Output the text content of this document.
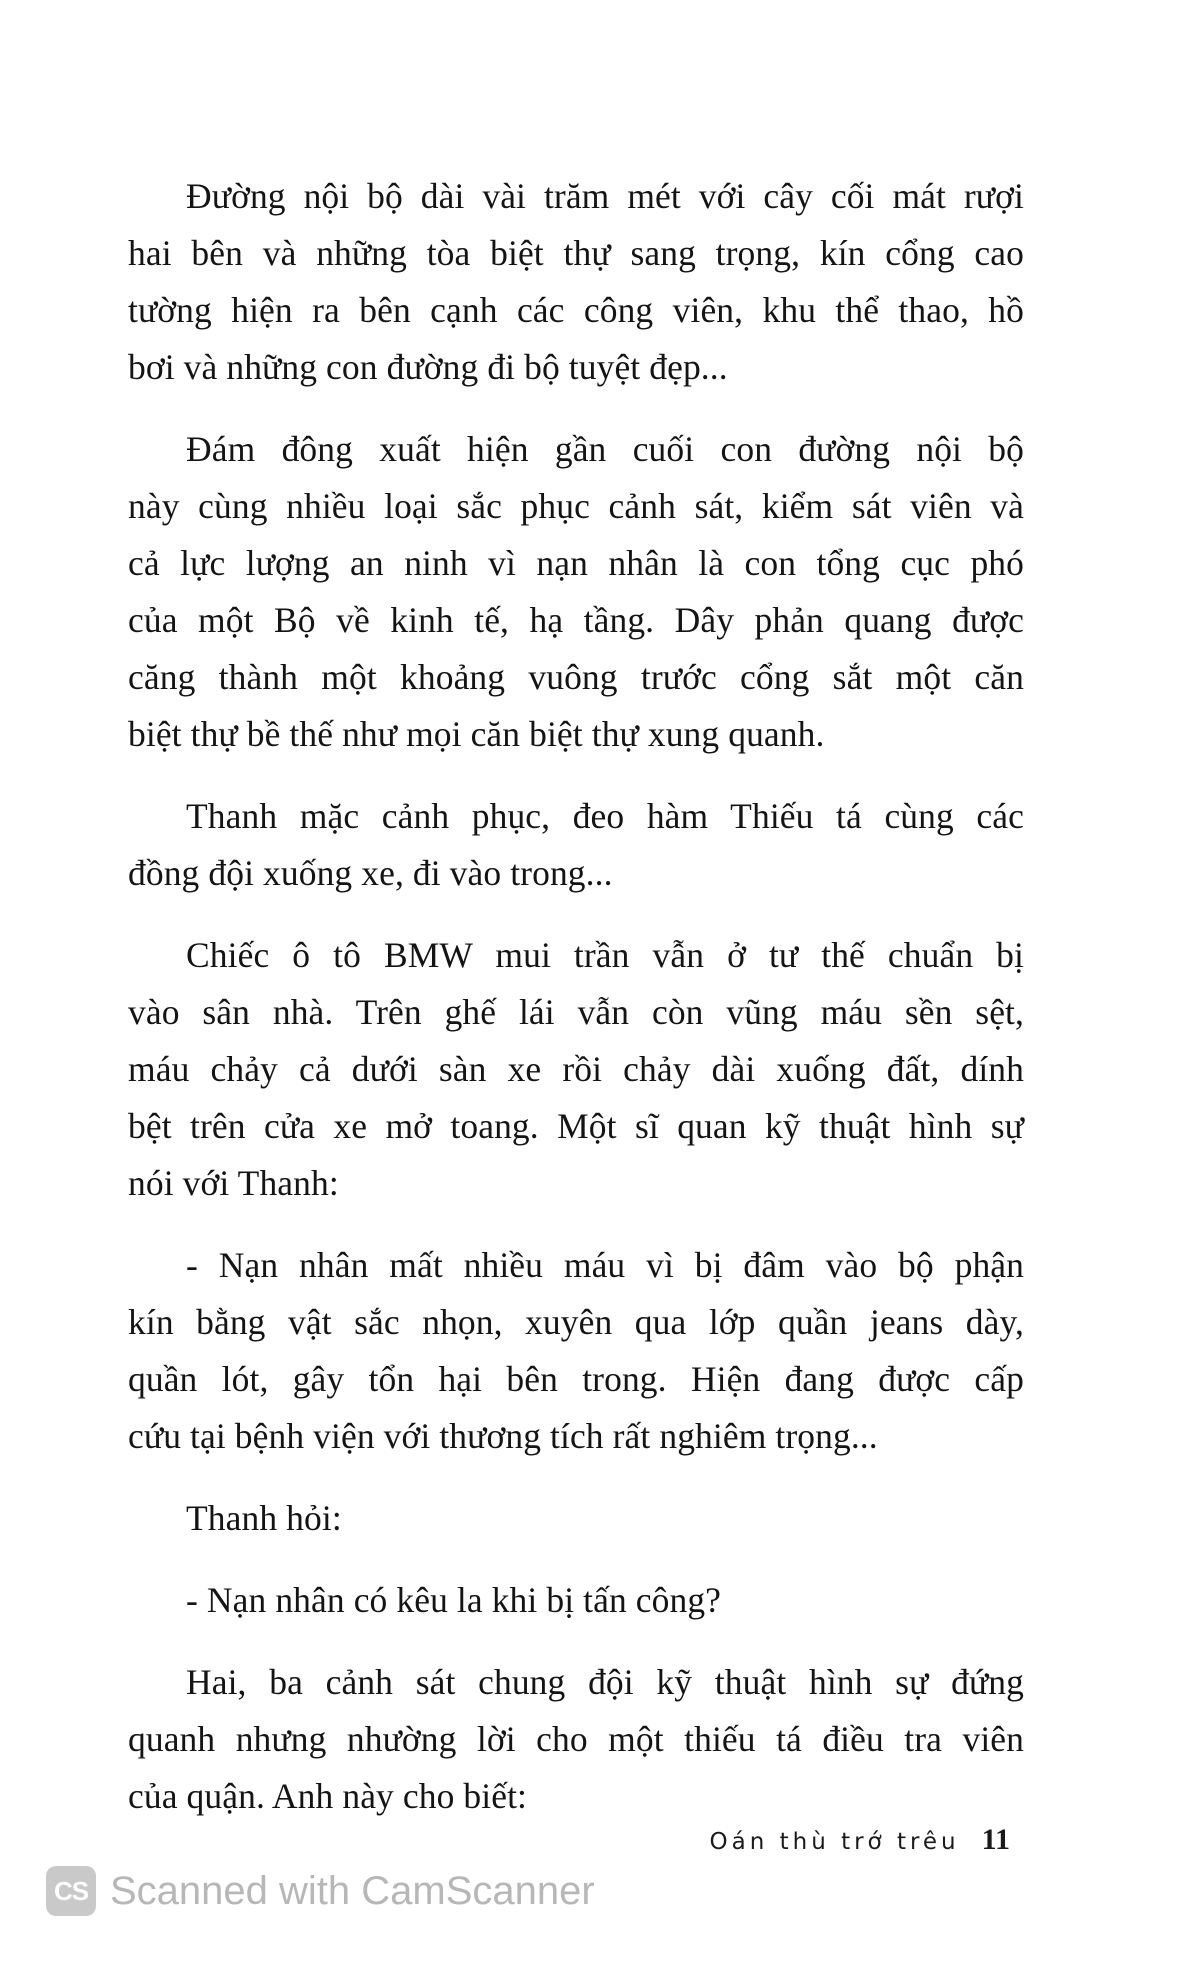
Đường nội bộ dài vài trăm mét với cây cối mát rượi
hai bên và những tòa biệt thự sang trọng, kín cổng cao
tường hiện ra bên cạnh các công viên, khu thể thao, hồ
bơi và những con đường đi bộ tuyệt đẹp...

Đám đông xuất hiện gần cuối con đường nội bộ
này cùng nhiều loại sắc phục cảnh sát, kiểm sát viên và
cả lực lượng an ninh vì nạn nhân là con tổng cục phó
của một Bộ về kinh tế, hạ tầng. Dây phản quang được
căng thành một khoảng vuông trước cổng sắt một căn
biệt thự bề thế như mọi căn biệt thự xung quanh.

Thanh mặc cảnh phục, đeo hàm Thiếu tá cùng các
đồng đội xuống xe, đi vào trong...

Chiếc ô tô BMW mui trần vẫn ở tư thế chuẩn bị
vào sân nhà. Trên ghế lái vẫn còn vũng máu sền sệt,
máu chảy cả dưới sàn xe rồi chảy dài xuống đất, dính
bệt trên cửa xe mở toang. Một sĩ quan kỹ thuật hình sự
nói với Thanh:

- Nạn nhân mất nhiều máu vì bị đâm vào bộ phận
kín bằng vật sắc nhọn, xuyên qua lớp quần jeans dày,
quần lót, gây tổn hại bên trong. Hiện đang được cấp
cứu tại bệnh viện với thương tích rất nghiêm trọng...

Thanh hỏi:

- Nạn nhân có kêu la khi bị tấn công?

Hai, ba cảnh sát chung đội kỹ thuật hình sự đứng
quanh nhưng nhường lời cho một thiếu tá điều tra viên
của quận. Anh này cho biết:

Oán thù trớ trêu 11
CS Scanned with CamScanner
